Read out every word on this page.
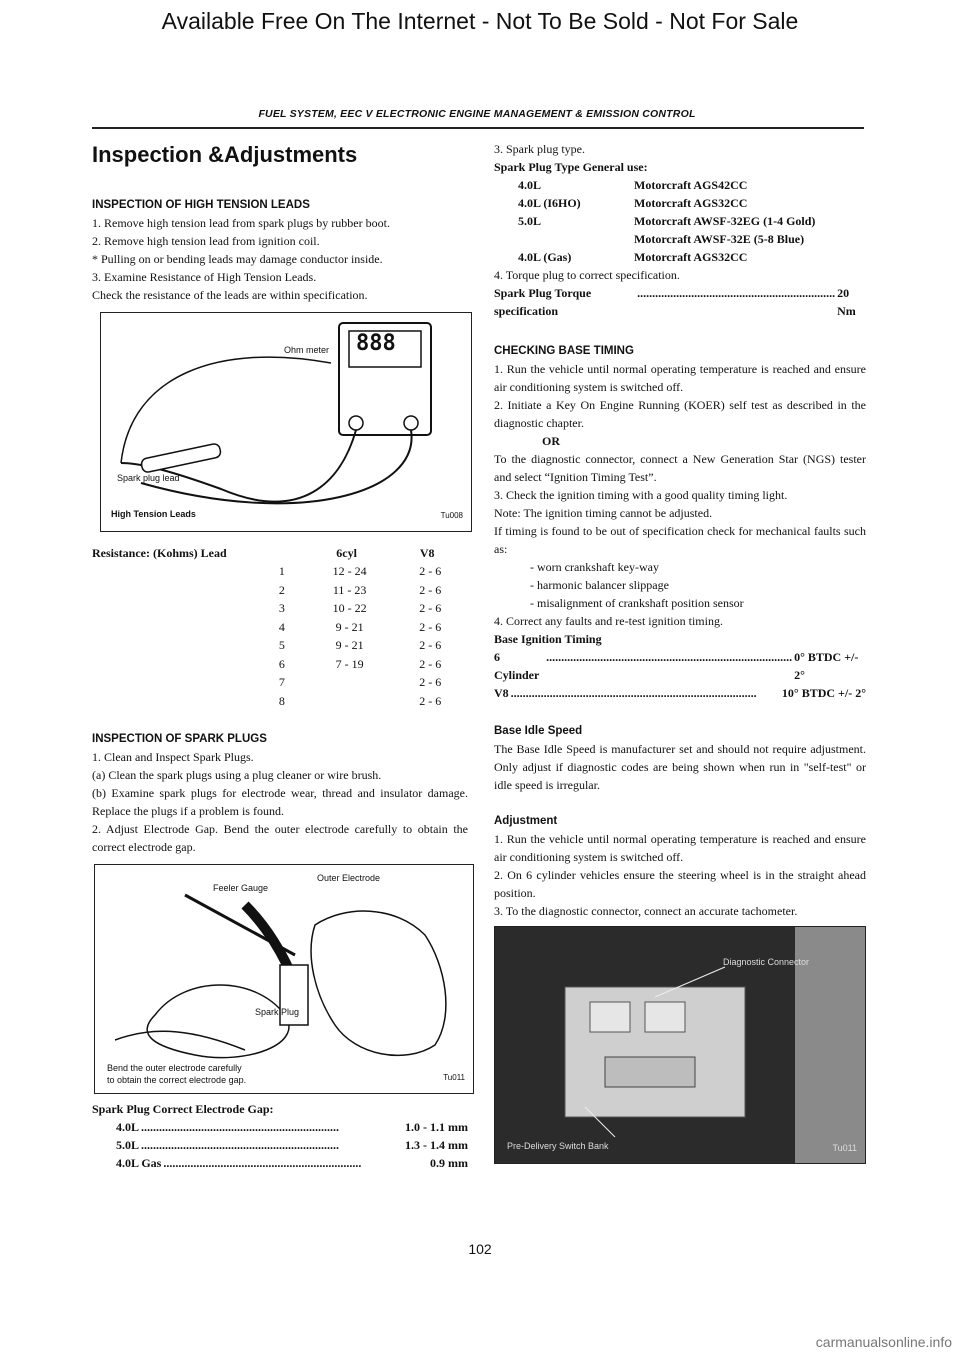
Available Free On The Internet - Not To Be Sold - Not For Sale
FUEL SYSTEM, EEC V ELECTRONIC ENGINE MANAGEMENT & EMISSION CONTROL
Inspection &Adjustments
INSPECTION OF HIGH TENSION LEADS

1. Remove high tension lead from spark plugs by rubber boot.

2. Remove high tension lead from ignition coil.

* Pulling on or bending leads may damage conductor inside.

3. Examine Resistance of High Tension Leads.

Check the resistance of the leads are within specification.

Ohm meter 888
Spark plug lead
High Tension Leads	Tu008
Resistance: (Kohms) Lead	6cyl	V8
1	12 - 24	2 - 6
2	11 - 23	2 - 6
3	10 - 22	2 - 6
4	9 - 21	2 - 6
5	9 - 21	2 - 6
6	7 - 19	2 - 6
7		2 - 6
8		2 - 6
INSPECTION OF SPARK PLUGS

1. Clean and Inspect Spark Plugs.

(a) Clean the spark plugs using a plug cleaner or wire brush.

(b) Examine spark plugs for electrode wear, thread and insulator damage. Replace the plugs if a problem is found.

2. Adjust Electrode Gap. Bend the outer electrode carefully to obtain the correct electrode gap.

Feeler Gauge
Outer Electrode
Spark Plug
Bend the outer electrode carefully
to obtain the correct electrode gap.	Tu011

Spark Plug Correct Electrode Gap:

4.0L ..................................................................	1.0 - 1.1 mm
5.0L ..................................................................	1.3 - 1.4 mm
4.0L Gas ..................................................................	0.9 mm

3. Spark plug type.

Spark Plug Type General use:

4.0L	Motorcraft AGS42CC
4.0L (I6HO)	Motorcraft AGS32CC
5.0L	Motorcraft AWSF-32EG (1-4 Gold)
Motorcraft AWSF-32E (5-8 Blue)
4.0L (Gas)	Motorcraft AGS32CC

4. Torque plug to correct specification.

Spark Plug Torque specification
.................................................................. 20 Nm
CHECKING BASE TIMING

1. Run the vehicle until normal operating temperature is reached and ensure air conditioning system is switched off.

2. Initiate a Key On Engine Running (KOER) self test as described in the diagnostic chapter.

OR

To the diagnostic connector, connect a New Generation Star (NGS) tester and select “Ignition Timing Test”.

3. Check the ignition timing with a good quality timing light.

Note: The ignition timing cannot be adjusted.

If timing is found to be out of specification check for mechanical faults such as:

- worn crankshaft key-way
- harmonic balancer slippage
- misalignment of crankshaft position sensor

4. Correct any faults and re-test ignition timing.

Base Ignition Timing

6 Cylinder
.................................................................................. 0° BTDC +/- 2°
V8 ..................................................................................	10° BTDC +/- 2°
Base Idle Speed

The Base Idle Speed is manufacturer set and should not require adjustment. Only adjust if diagnostic codes are being shown when run in "self-test" or idle speed is irregular.

Adjustment

1. Run the vehicle until normal operating temperature is reached and ensure air conditioning system is switched off.

2. On 6 cylinder vehicles ensure the steering wheel is in the straight ahead position.

3. To the diagnostic connector, connect an accurate tachometer.

Diagnostic Connector
Pre-Delivery Switch Bank	Tu011
102
carmanualsonline.info
